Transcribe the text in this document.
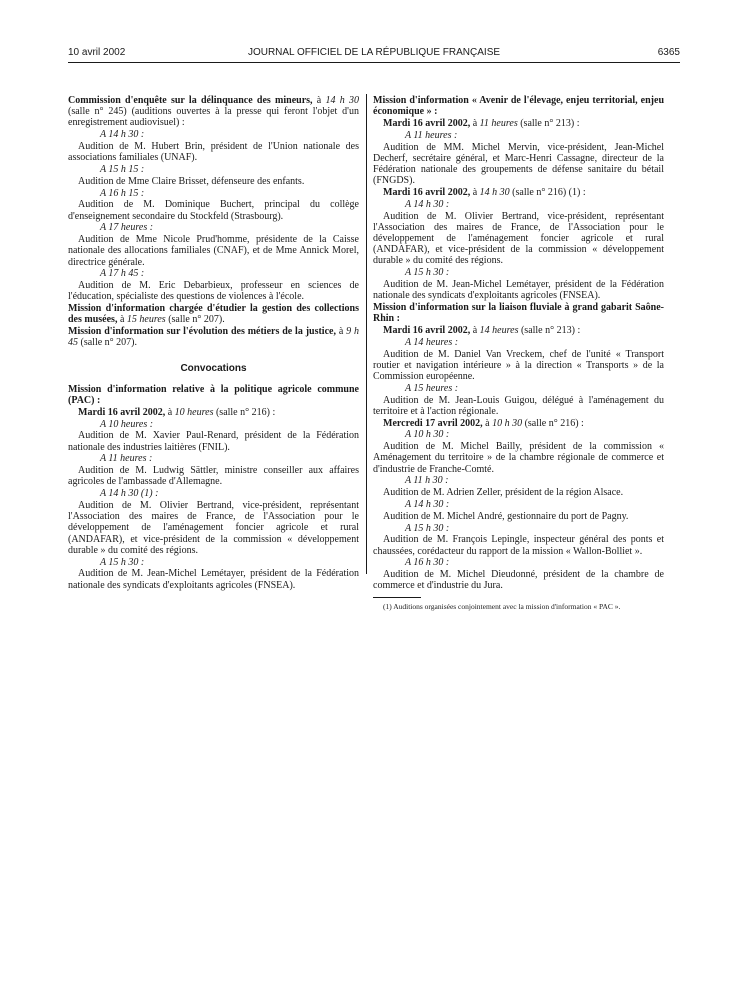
10 avril 2002	JOURNAL OFFICIEL DE LA RÉPUBLIQUE FRANÇAISE	6365

Commission d'enquête sur la délinquance des mineurs, à 14 h 30 (salle n° 245) (auditions ouvertes à la presse qui feront l'objet d'un enregistrement audiovisuel) :

A 14 h 30 :

Audition de M. Hubert Brin, président de l'Union nationale des associations familiales (UNAF).

A 15 h 15 :

Audition de Mme Claire Brisset, défenseure des enfants.

A 16 h 15 :

Audition de M. Dominique Buchert, principal du collège d'enseignement secondaire du Stockfeld (Strasbourg).

A 17 heures :

Audition de Mme Nicole Prud'homme, présidente de la Caisse nationale des allocations familiales (CNAF), et de Mme Annick Morel, directrice générale.

A 17 h 45 :

Audition de M. Eric Debarbieux, professeur en sciences de l'éducation, spécialiste des questions de violences à l'école.

Mission d'information chargée d'étudier la gestion des collections des musées, à 15 heures (salle n° 207).

Mission d'information sur l'évolution des métiers de la justice, à 9 h 45 (salle n° 207).

Convocations

Mission d'information relative à la politique agricole commune (PAC) :

Mardi 16 avril 2002, à 10 heures (salle n° 216) :

A 10 heures :

Audition de M. Xavier Paul-Renard, président de la Fédération nationale des industries laitières (FNIL).

A 11 heures :

Audition de M. Ludwig Sättler, ministre conseiller aux affaires agricoles de l'ambassade d'Allemagne.

A 14 h 30 (1) :

Audition de M. Olivier Bertrand, vice-président, représentant l'Association des maires de France, de l'Association pour le développement de l'aménagement foncier agricole et rural (ANDAFAR), et vice-président de la commission « développement durable » du comité des régions.

A 15 h 30 :

Audition de M. Jean-Michel Lemétayer, président de la Fédération nationale des syndicats d'exploitants agricoles (FNSEA).

Mission d'information « Avenir de l'élevage, enjeu territorial, enjeu économique » :

Mardi 16 avril 2002, à 11 heures (salle n° 213) :

A 11 heures :

Audition de MM. Michel Mervin, vice-président, Jean-Michel Decherf, secrétaire général, et Marc-Henri Cassagne, directeur de la Fédération nationale des groupements de défense sanitaire du bétail (FNGDS).

Mardi 16 avril 2002, à 14 h 30 (salle n° 216) (1) :

A 14 h 30 :

Audition de M. Olivier Bertrand, vice-président, représentant l'Association des maires de France, de l'Association pour le développement de l'aménagement foncier agricole et rural (ANDAFAR), et vice-président de la commission « développement durable » du comité des régions.

A 15 h 30 :

Audition de M. Jean-Michel Lemétayer, président de la Fédération nationale des syndicats d'exploitants agricoles (FNSEA).

Mission d'information sur la liaison fluviale à grand gabarit Saône-Rhin :

Mardi 16 avril 2002, à 14 heures (salle n° 213) :

A 14 heures :

Audition de M. Daniel Van Vreckem, chef de l'unité « Transport routier et navigation intérieure » à la direction « Transports » de la Commission européenne.

A 15 heures :

Audition de M. Jean-Louis Guigou, délégué à l'aménagement du territoire et à l'action régionale.

Mercredi 17 avril 2002, à 10 h 30 (salle n° 216) :

A 10 h 30 :

Audition de M. Michel Bailly, président de la commission « Aménagement du territoire » de la chambre régionale de commerce et d'industrie de Franche-Comté.

A 11 h 30 :

Audition de M. Adrien Zeller, président de la région Alsace.

A 14 h 30 :

Audition de M. Michel André, gestionnaire du port de Pagny.

A 15 h 30 :

Audition de M. François Lepingle, inspecteur général des ponts et chaussées, corédacteur du rapport de la mission « Wallon-Bolliet ».

A 16 h 30 :

Audition de M. Michel Dieudonné, président de la chambre de commerce et d'industrie du Jura.

(1) Auditions organisées conjointement avec la mission d'information « PAC ».
